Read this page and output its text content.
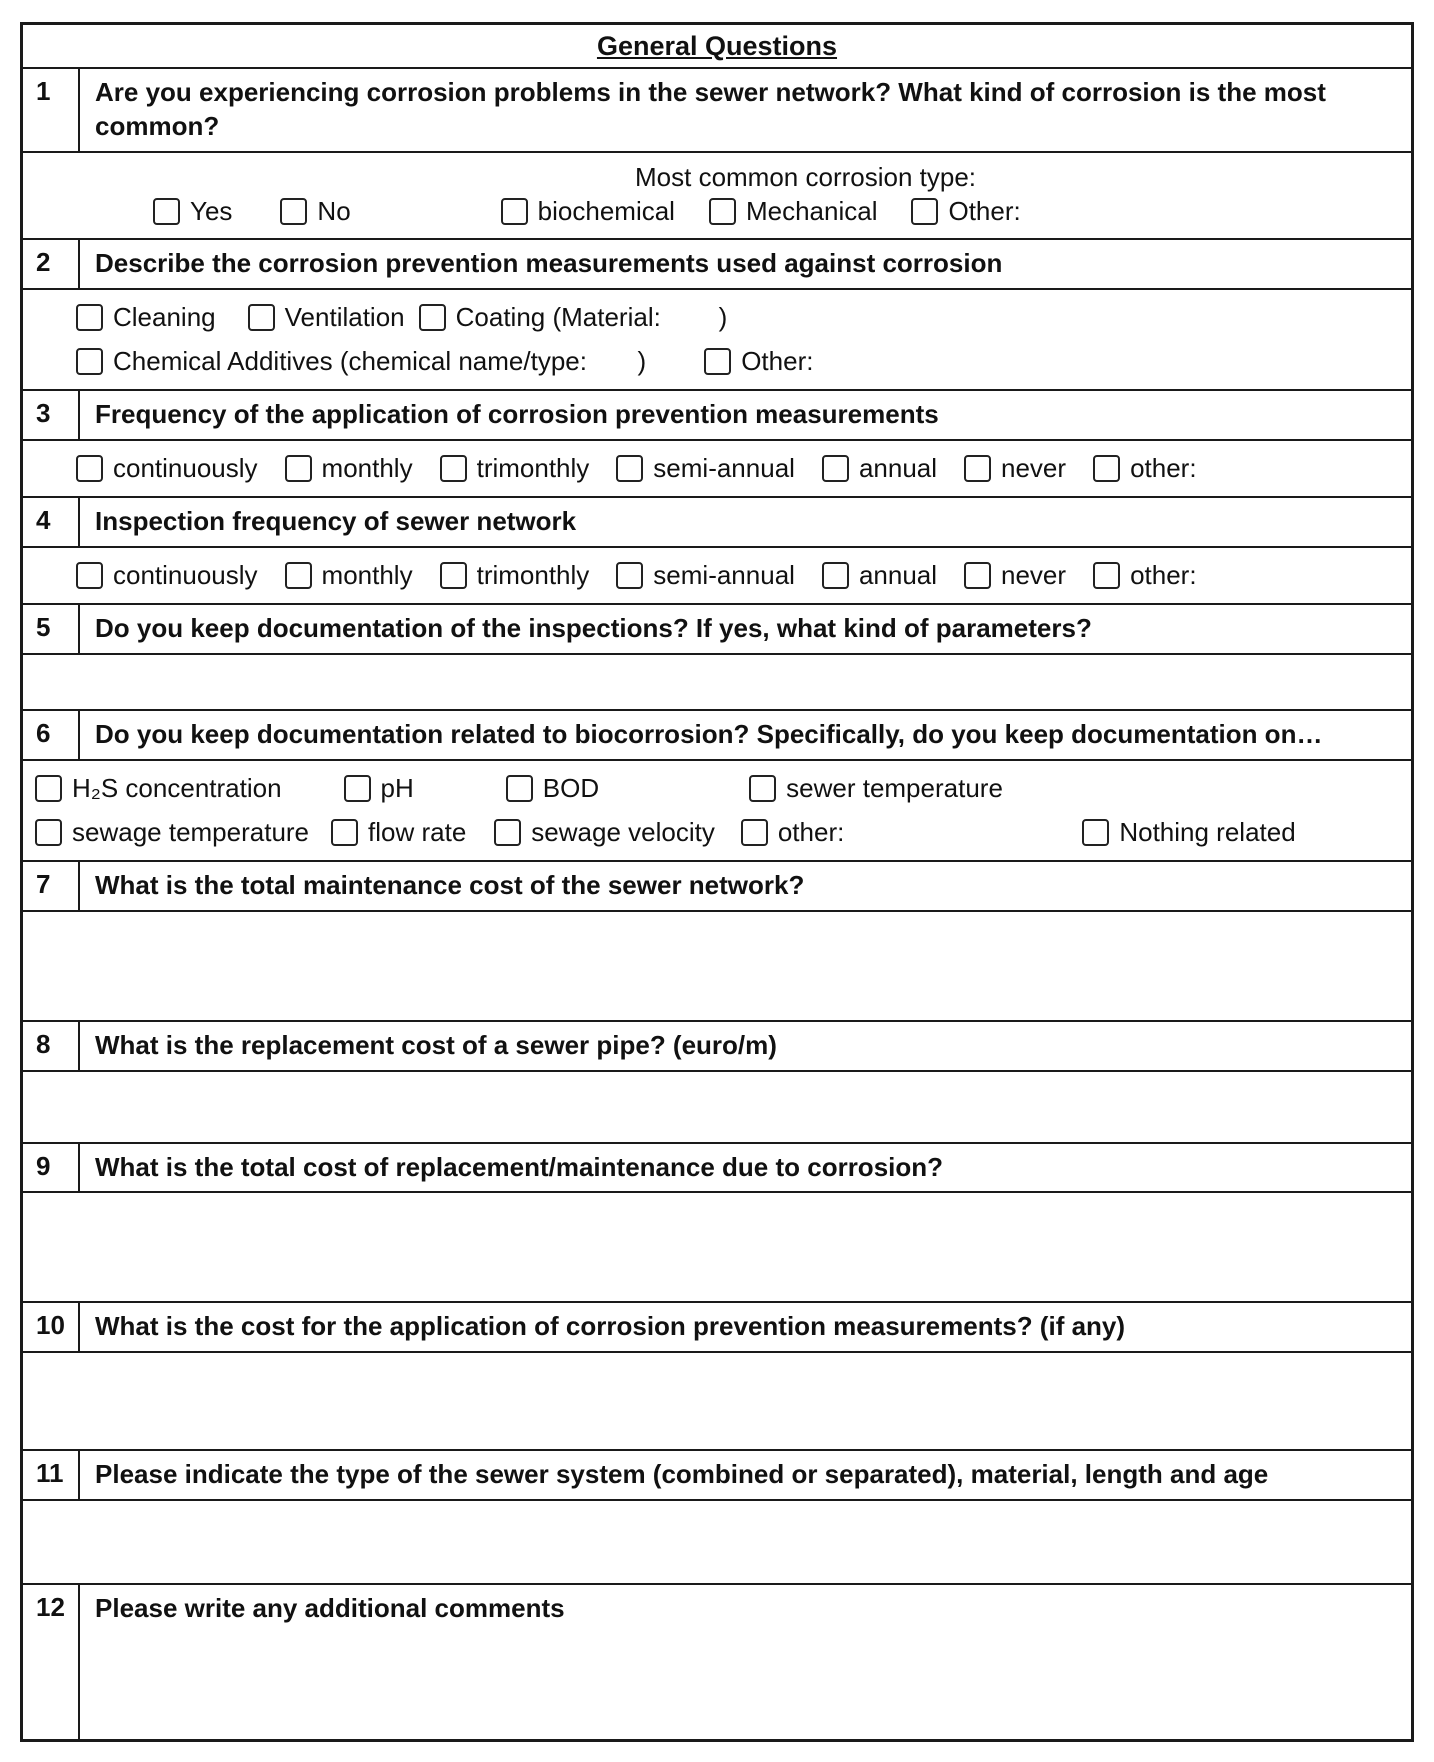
General Questions
1	Are you experiencing corrosion problems in the sewer network? What kind of corrosion is the most common?
Most common corrosion type:
Yes	No	biochemical	Mechanical	Other:
2	Describe the corrosion prevention measurements used against corrosion
Cleaning	Ventilation Coating (Material:        )
Chemical Additives (chemical name/type:       )	Other:
3	Frequency of the application of corrosion prevention measurements
continuously monthly trimonthly semi-annual annual never other:
4	Inspection frequency of sewer network
continuously monthly trimonthly semi-annual annual never other:
5	Do you keep documentation of the inspections? If yes, what kind of parameters?
6	Do you keep documentation related to biocorrosion? Specifically, do you keep documentation on…
H₂S concentration	pH	BOD	sewer temperature
sewage temperature flow rate	sewage velocity other:	Nothing related
7	What is the total maintenance cost of the sewer network?
8	What is the replacement cost of a sewer pipe? (euro/m)
9	What is the total cost of replacement/maintenance due to corrosion?
10	What is the cost for the application of corrosion prevention measurements? (if any)
11	Please indicate the type of the sewer system (combined or separated), material, length and age
12	Please write any additional comments
